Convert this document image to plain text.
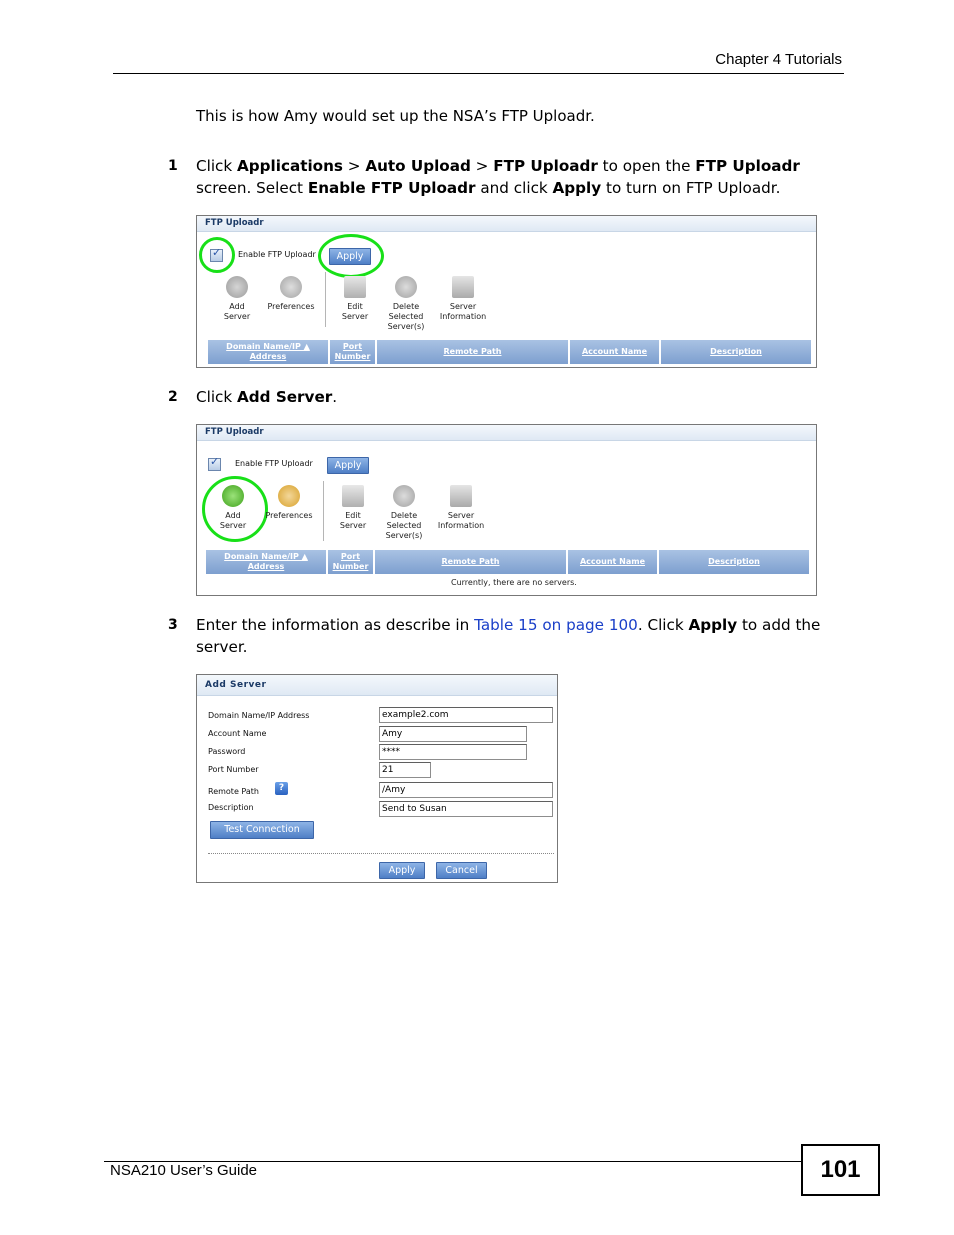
Chapter 4 Tutorials
This is how Amy would set up the NSA’s FTP Uploadr.
1 Click Applications > Auto Upload > FTP Uploadr to open the FTP Uploadr screen. Select Enable FTP Uploadr and click Apply to turn on FTP Uploadr.
FTP Uploadr
✓
Enable FTP Uploadr	Apply
Add
Server
Preferences	Edit
Server
Delete
Selected
Server(s)
Server
Information
Domain Name/IP ▲
Address
Port
Number
Remote Path	Account Name	Description
2 Click Add Server.
FTP Uploadr
✓
Enable FTP Uploadr	Apply
Add
Server
Preferences	Edit
Server
Delete
Selected
Server(s)
Server
Information
Domain Name/IP ▲
Address
Port
Number
Remote Path	Account Name	Description
Currently, there are no servers.
3 Enter the information as describe in Table 15 on page 100. Click Apply to add the server.
Add Server
Domain Name/IP Address	example2.com
Account Name	Amy
Password	****
Port Number	21
Remote Path	?	/Amy
Description	Send to Susan
Test Connection
Apply	Cancel
NSA210 User’s Guide	101
